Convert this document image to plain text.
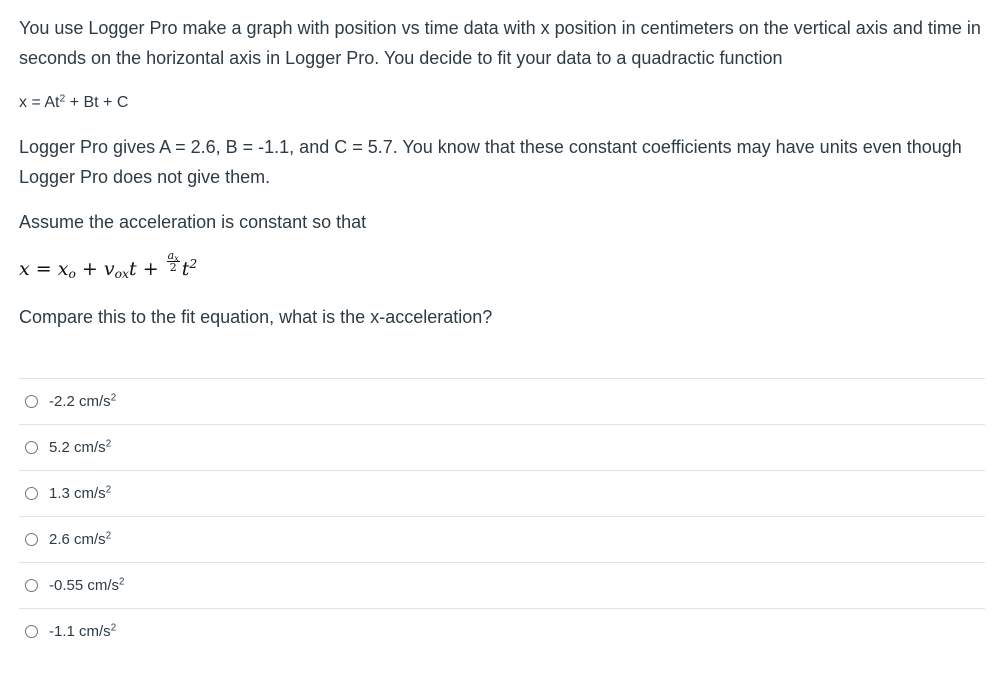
You use Logger Pro make a graph with position vs time data with x position in centimeters on the vertical axis and time in seconds on the horizontal axis in Logger Pro. You decide to fit your data to a quadractic function

$x = At^2 + Bt + C$

Logger Pro gives A = 2.6, B = -1.1, and C = 5.7. You know that these constant coefficients may have units even though Logger Pro does not give them.

Assume the acceleration is constant so that

$x = x_o + v_{ox}t + \frac{a_x}{2} t^2$

Compare this to the fit equation, what is the x-acceleration?

-2.2 $cm/s^2$
5.2 $cm/s^2$
1.3 $cm/s^2$
2.6 $cm/s^2$
-0.55 $cm/s^2$
-1.1 $cm/s^2$
